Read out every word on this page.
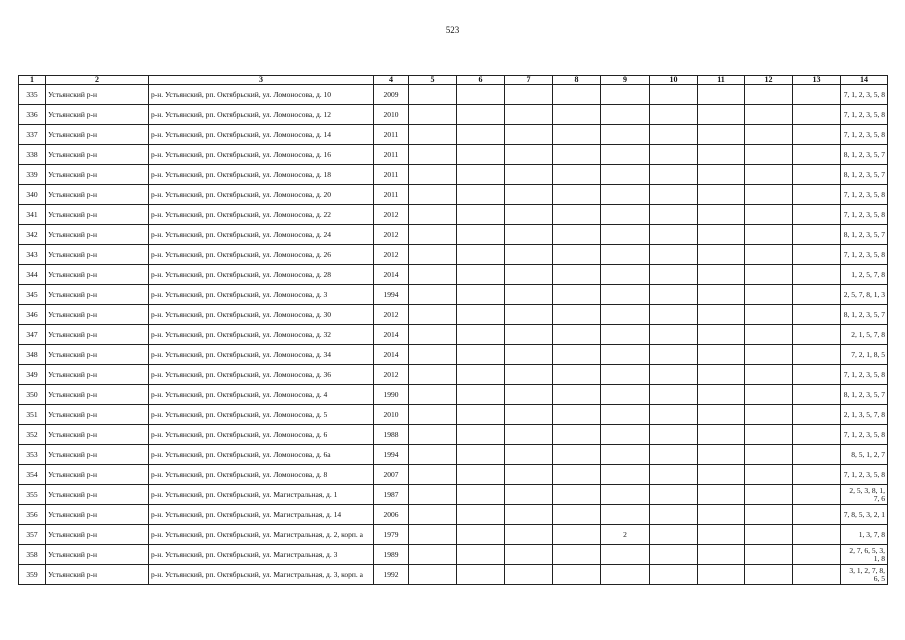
523
1	2	3	4	5	6	7	8	9	10	11	12	13	14
335	Устьянский р-н	р-н. Устьянский, рп. Октябрьский, ул. Ломоносова, д. 10	2009										7, 1, 2, 3, 5, 8
336	Устьянский р-н	р-н. Устьянский, рп. Октябрьский, ул. Ломоносова, д. 12	2010										7, 1, 2, 3, 5, 8
337	Устьянский р-н	р-н. Устьянский, рп. Октябрьский, ул. Ломоносова, д. 14	2011										7, 1, 2, 3, 5, 8
338	Устьянский р-н	р-н. Устьянский, рп. Октябрьский, ул. Ломоносова, д. 16	2011										8, 1, 2, 3, 5, 7
339	Устьянский р-н	р-н. Устьянский, рп. Октябрьский, ул. Ломоносова, д. 18	2011										8, 1, 2, 3, 5, 7
340	Устьянский р-н	р-н. Устьянский, рп. Октябрьский, ул. Ломоносова, д. 20	2011										7, 1, 2, 3, 5, 8
341	Устьянский р-н	р-н. Устьянский, рп. Октябрьский, ул. Ломоносова, д. 22	2012										7, 1, 2, 3, 5, 8
342	Устьянский р-н	р-н. Устьянский, рп. Октябрьский, ул. Ломоносова, д. 24	2012										8, 1, 2, 3, 5, 7
343	Устьянский р-н	р-н. Устьянский, рп. Октябрьский, ул. Ломоносова, д. 26	2012										7, 1, 2, 3, 5, 8
344	Устьянский р-н	р-н. Устьянский, рп. Октябрьский, ул. Ломоносова, д. 28	2014										1, 2, 5, 7, 8
345	Устьянский р-н	р-н. Устьянский, рп. Октябрьский, ул. Ломоносова, д. 3	1994										2, 5, 7, 8, 1, 3
346	Устьянский р-н	р-н. Устьянский, рп. Октябрьский, ул. Ломоносова, д. 30	2012										8, 1, 2, 3, 5, 7
347	Устьянский р-н	р-н. Устьянский, рп. Октябрьский, ул. Ломоносова, д. 32	2014										2, 1, 5, 7, 8
348	Устьянский р-н	р-н. Устьянский, рп. Октябрьский, ул. Ломоносова, д. 34	2014										7, 2, 1, 8, 5
349	Устьянский р-н	р-н. Устьянский, рп. Октябрьский, ул. Ломоносова, д. 36	2012										7, 1, 2, 3, 5, 8
350	Устьянский р-н	р-н. Устьянский, рп. Октябрьский, ул. Ломоносова, д. 4	1990										8, 1, 2, 3, 5, 7
351	Устьянский р-н	р-н. Устьянский, рп. Октябрьский, ул. Ломоносова, д. 5	2010										2, 1, 3, 5, 7, 8
352	Устьянский р-н	р-н. Устьянский, рп. Октябрьский, ул. Ломоносова, д. 6	1988										7, 1, 2, 3, 5, 8
353	Устьянский р-н	р-н. Устьянский, рп. Октябрьский, ул. Ломоносова, д. 6а	1994										8, 5, 1, 2, 7
354	Устьянский р-н	р-н. Устьянский, рп. Октябрьский, ул. Ломоносова, д. 8	2007										7, 1, 2, 3, 5, 8
355	Устьянский р-н	р-н. Устьянский, рп. Октябрьский, ул. Магистральная, д. 1	1987										2, 5, 3, 8, 1, 7, 6
356	Устьянский р-н	р-н. Устьянский, рп. Октябрьский, ул. Магистральная, д. 14	2006										7, 8, 5, 3, 2, 1
357	Устьянский р-н	р-н. Устьянский, рп. Октябрьский, ул. Магистральная, д. 2, корп. а	1979					2					1, 3, 7, 8
358	Устьянский р-н	р-н. Устьянский, рп. Октябрьский, ул. Магистральная, д. 3	1989										2, 7, 6, 5, 3, 1, 8
359	Устьянский р-н	р-н. Устьянский, рп. Октябрьский, ул. Магистральная, д. 3, корп. а	1992										3, 1, 2, 7, 8, 6, 5
